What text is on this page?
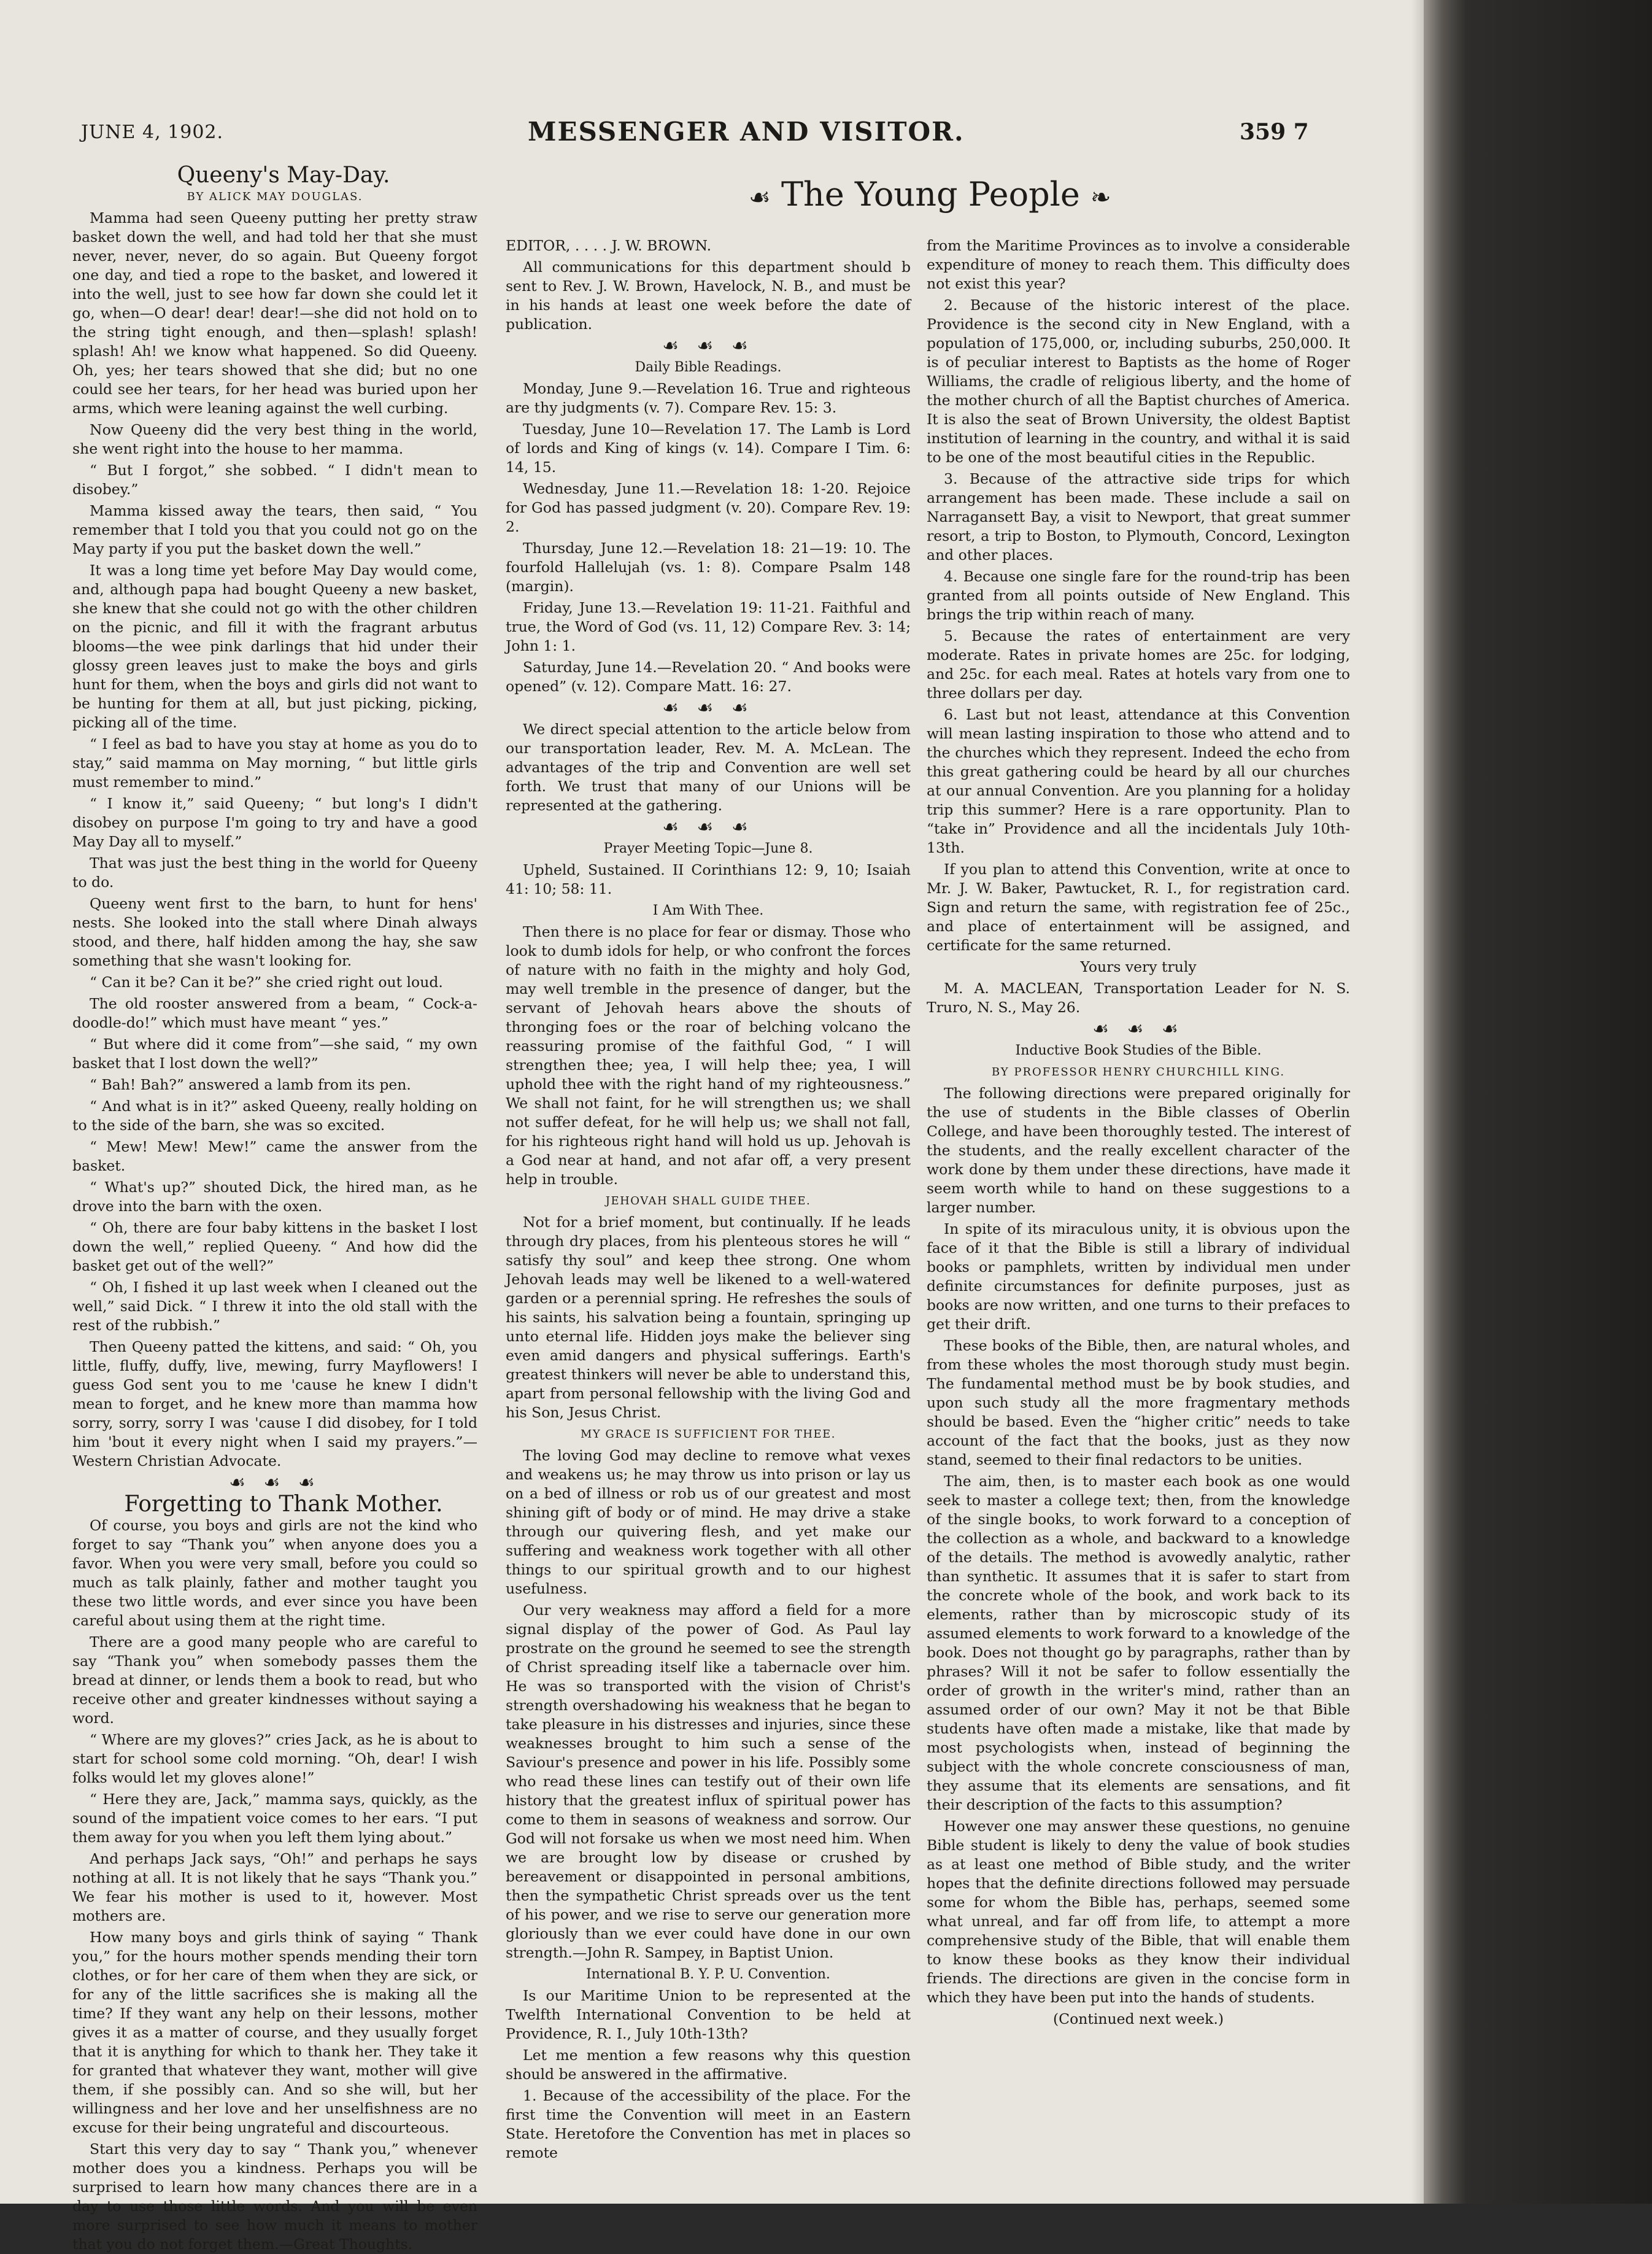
JUNE 4, 1902.	MESSENGER AND VISITOR.	359 7
☙ The Young People ❧

Queeny's May-Day.

BY ALICK MAY DOUGLAS.

Mamma had seen Queeny putting her pretty straw basket down the well, and had told her that she must never, never, never, do so again. But Queeny forgot one day, and tied a rope to the basket, and lowered it into the well, just to see how far down she could let it go, when—O dear! dear! dear!—she did not hold on to the string tight enough, and then—splash! splash! splash! Ah! we know what happened. So did Queeny. Oh, yes; her tears showed that she did; but no one could see her tears, for her head was buried upon her arms, which were leaning against the well curbing.

Now Queeny did the very best thing in the world, she went right into the house to her mamma.

“ But I forgot,” she sobbed. “ I didn't mean to disobey.”

Mamma kissed away the tears, then said, “ You remember that I told you that you could not go on the May party if you put the basket down the well.”

It was a long time yet before May Day would come, and, although papa had bought Queeny a new basket, she knew that she could not go with the other children on the picnic, and fill it with the fragrant arbutus blooms—the wee pink darlings that hid under their glossy green leaves just to make the boys and girls hunt for them, when the boys and girls did not want to be hunting for them at all, but just picking, picking, picking all of the time.

“ I feel as bad to have you stay at home as you do to stay,” said mamma on May morning, “ but little girls must remember to mind.”

“ I know it,” said Queeny; “ but long's I didn't disobey on purpose I'm going to try and have a good May Day all to myself.”

That was just the best thing in the world for Queeny to do.

Queeny went first to the barn, to hunt for hens' nests. She looked into the stall where Dinah always stood, and there, half hidden among the hay, she saw something that she wasn't looking for.

“ Can it be? Can it be?” she cried right out loud.

The old rooster answered from a beam, “ Cock-a-doodle-do!” which must have meant “ yes.”

“ But where did it come from”—she said, “ my own basket that I lost down the well?”

“ Bah! Bah?” answered a lamb from its pen.

“ And what is in it?” asked Queeny, really holding on to the side of the barn, she was so excited.

“ Mew! Mew! Mew!” came the answer from the basket.

“ What's up?” shouted Dick, the hired man, as he drove into the barn with the oxen.

“ Oh, there are four baby kittens in the basket I lost down the well,” replied Queeny. “ And how did the basket get out of the well?”

“ Oh, I fished it up last week when I cleaned out the well,” said Dick. “ I threw it into the old stall with the rest of the rubbish.”

Then Queeny patted the kittens, and said: “ Oh, you little, fluffy, duffy, live, mewing, furry Mayflowers! I guess God sent you to me 'cause he knew I didn't mean to forget, and he knew more than mamma how sorry, sorry, sorry I was 'cause I did disobey, for I told him 'bout it every night when I said my prayers.”—Western Christian Advocate.

☙ ☙ ☙

Forgetting to Thank Mother.

Of course, you boys and girls are not the kind who forget to say “Thank you” when anyone does you a favor. When you were very small, before you could so much as talk plainly, father and mother taught you these two little words, and ever since you have been careful about using them at the right time.

There are a good many people who are careful to say “Thank you” when somebody passes them the bread at dinner, or lends them a book to read, but who receive other and greater kindnesses without saying a word.

“ Where are my gloves?” cries Jack, as he is about to start for school some cold morning. “Oh, dear! I wish folks would let my gloves alone!”

“ Here they are, Jack,” mamma says, quickly, as the sound of the impatient voice comes to her ears. “I put them away for you when you left them lying about.”

And perhaps Jack says, “Oh!” and perhaps he says nothing at all. It is not likely that he says “Thank you.” We fear his mother is used to it, however. Most mothers are.

How many boys and girls think of saying “ Thank you,” for the hours mother spends mending their torn clothes, or for her care of them when they are sick, or for any of the little sacrifices she is making all the time? If they want any help on their lessons, mother gives it as a matter of course, and they usually forget that it is anything for which to thank her. They take it for granted that whatever they want, mother will give them, if she possibly can. And so she will, but her willingness and her love and her unselfishness are no excuse for their being ungrateful and discourteous.

Start this very day to say “ Thank you,” whenever mother does you a kindness. Perhaps you will be surprised to learn how many chances there are in a day to use those little words. And you will be even more surprised to see how much it means to mother that you do not forget them.—Great Thoughts.

EDITOR, . . . . J. W. BROWN.

All communications for this department should b sent to Rev. J. W. Brown, Havelock, N. B., and must be in his hands at least one week before the date of publication.

☙ ☙ ☙

Daily Bible Readings.

Monday, June 9.—Revelation 16. True and righteous are thy judgments (v. 7). Compare Rev. 15: 3.

Tuesday, June 10—Revelation 17. The Lamb is Lord of lords and King of kings (v. 14). Compare I Tim. 6: 14, 15.

Wednesday, June 11.—Revelation 18: 1-20. Rejoice for God has passed judgment (v. 20). Compare Rev. 19: 2.

Thursday, June 12.—Revelation 18: 21—19: 10. The fourfold Hallelujah (vs. 1: 8). Compare Psalm 148 (margin).

Friday, June 13.—Revelation 19: 11-21. Faithful and true, the Word of God (vs. 11, 12) Compare Rev. 3: 14; John 1: 1.

Saturday, June 14.—Revelation 20. “ And books were opened” (v. 12). Compare Matt. 16: 27.

☙ ☙ ☙

We direct special attention to the article below from our transportation leader, Rev. M. A. McLean. The advantages of the trip and Convention are well set forth. We trust that many of our Unions will be represented at the gathering.

☙ ☙ ☙

Prayer Meeting Topic—June 8.

Upheld, Sustained. II Corinthians 12: 9, 10; Isaiah 41: 10; 58: 11.

I Am With Thee.

Then there is no place for fear or dismay. Those who look to dumb idols for help, or who confront the forces of nature with no faith in the mighty and holy God, may well tremble in the presence of danger, but the servant of Jehovah hears above the shouts of thronging foes or the roar of belching volcano the reassuring promise of the faithful God, “ I will strengthen thee; yea, I will help thee; yea, I will uphold thee with the right hand of my righteousness.” We shall not faint, for he will strengthen us; we shall not suffer defeat, for he will help us; we shall not fall, for his righteous right hand will hold us up. Jehovah is a God near at hand, and not afar off, a very present help in trouble.

JEHOVAH SHALL GUIDE THEE.

Not for a brief moment, but continually. If he leads through dry places, from his plenteous stores he will “ satisfy thy soul” and keep thee strong. One whom Jehovah leads may well be likened to a well-watered garden or a perennial spring. He refreshes the souls of his saints, his salvation being a fountain, springing up unto eternal life. Hidden joys make the believer sing even amid dangers and physical sufferings. Earth's greatest thinkers will never be able to understand this, apart from personal fellowship with the living God and his Son, Jesus Christ.

MY GRACE IS SUFFICIENT FOR THEE.

The loving God may decline to remove what vexes and weakens us; he may throw us into prison or lay us on a bed of illness or rob us of our greatest and most shining gift of body or of mind. He may drive a stake through our quivering flesh, and yet make our suffering and weakness work together with all other things to our spiritual growth and to our highest usefulness.

Our very weakness may afford a field for a more signal display of the power of God. As Paul lay prostrate on the ground he seemed to see the strength of Christ spreading itself like a tabernacle over him. He was so transported with the vision of Christ's strength overshadowing his weakness that he began to take pleasure in his distresses and injuries, since these weaknesses brought to him such a sense of the Saviour's presence and power in his life. Possibly some who read these lines can testify out of their own life history that the greatest influx of spiritual power has come to them in seasons of weakness and sorrow. Our God will not forsake us when we most need him. When we are brought low by disease or crushed by bereavement or disappointed in personal ambitions, then the sympathetic Christ spreads over us the tent of his power, and we rise to serve our generation more gloriously than we ever could have done in our own strength.—John R. Sampey, in Baptist Union.

International B. Y. P. U. Convention.

Is our Maritime Union to be represented at the Twelfth International Convention to be held at Providence, R. I., July 10th-13th?

Let me mention a few reasons why this question should be answered in the affirmative.

1. Because of the accessibility of the place. For the first time the Convention will meet in an Eastern State. Heretofore the Convention has met in places so remote

from the Maritime Provinces as to involve a considerable expenditure of money to reach them. This difficulty does not exist this year?

2. Because of the historic interest of the place. Providence is the second city in New England, with a population of 175,000, or, including suburbs, 250,000. It is of peculiar interest to Baptists as the home of Roger Williams, the cradle of religious liberty, and the home of the mother church of all the Baptist churches of America. It is also the seat of Brown University, the oldest Baptist institution of learning in the country, and withal it is said to be one of the most beautiful cities in the Republic.

3. Because of the attractive side trips for which arrangement has been made. These include a sail on Narragansett Bay, a visit to Newport, that great summer resort, a trip to Boston, to Plymouth, Concord, Lexington and other places.

4. Because one single fare for the round-trip has been granted from all points outside of New England. This brings the trip within reach of many.

5. Because the rates of entertainment are very moderate. Rates in private homes are 25c. for lodging, and 25c. for each meal. Rates at hotels vary from one to three dollars per day.

6. Last but not least, attendance at this Convention will mean lasting inspiration to those who attend and to the churches which they represent. Indeed the echo from this great gathering could be heard by all our churches at our annual Convention. Are you planning for a holiday trip this summer? Here is a rare opportunity. Plan to “take in” Providence and all the incidentals July 10th-13th.

If you plan to attend this Convention, write at once to Mr. J. W. Baker, Pawtucket, R. I., for registration card. Sign and return the same, with registration fee of 25c., and place of entertainment will be assigned, and certificate for the same returned.

Yours very truly

M. A. MACLEAN, Transportation Leader for N. S. Truro, N. S., May 26.

☙ ☙ ☙

Inductive Book Studies of the Bible.

BY PROFESSOR HENRY CHURCHILL KING.

The following directions were prepared originally for the use of students in the Bible classes of Oberlin College, and have been thoroughly tested. The interest of the students, and the really excellent character of the work done by them under these directions, have made it seem worth while to hand on these suggestions to a larger number.

In spite of its miraculous unity, it is obvious upon the face of it that the Bible is still a library of individual books or pamphlets, written by individual men under definite circumstances for definite purposes, just as books are now written, and one turns to their prefaces to get their drift.

These books of the Bible, then, are natural wholes, and from these wholes the most thorough study must begin. The fundamental method must be by book studies, and upon such study all the more fragmentary methods should be based. Even the “higher critic” needs to take account of the fact that the books, just as they now stand, seemed to their final redactors to be unities.

The aim, then, is to master each book as one would seek to master a college text; then, from the knowledge of the single books, to work forward to a conception of the collection as a whole, and backward to a knowledge of the details. The method is avowedly analytic, rather than synthetic. It assumes that it is safer to start from the concrete whole of the book, and work back to its elements, rather than by microscopic study of its assumed elements to work forward to a knowledge of the book. Does not thought go by paragraphs, rather than by phrases? Will it not be safer to follow essentially the order of growth in the writer's mind, rather than an assumed order of our own? May it not be that Bible students have often made a mistake, like that made by most psychologists when, instead of beginning the subject with the whole concrete consciousness of man, they assume that its elements are sensations, and fit their description of the facts to this assumption?

However one may answer these questions, no genuine Bible student is likely to deny the value of book studies as at least one method of Bible study, and the writer hopes that the definite directions followed may persuade some for whom the Bible has, perhaps, seemed some what unreal, and far off from life, to attempt a more comprehensive study of the Bible, that will enable them to know these books as they know their individual friends. The directions are given in the concise form in which they have been put into the hands of students.

(Continued next week.)
